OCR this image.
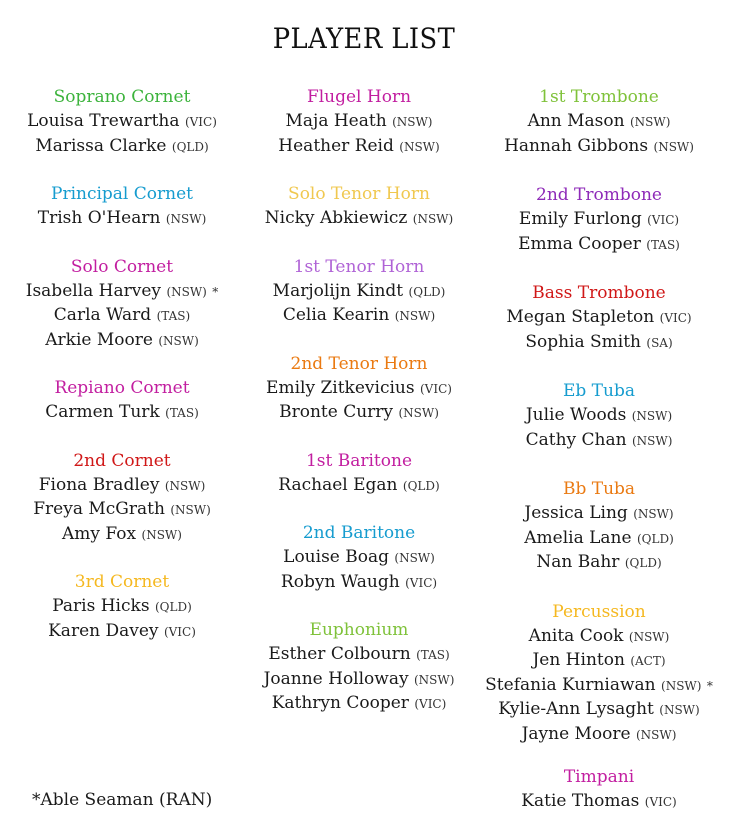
PLAYER LIST
Soprano Cornet
Louisa Trewartha (VIC)
Marissa Clarke (QLD)
Principal Cornet
Trish O'Hearn (NSW)
Solo Cornet
Isabella Harvey (NSW) *
Carla Ward (TAS)
Arkie Moore (NSW)
Repiano Cornet
Carmen Turk (TAS)
2nd Cornet
Fiona Bradley (NSW)
Freya McGrath (NSW)
Amy Fox (NSW)
3rd Cornet
Paris Hicks (QLD)
Karen Davey (VIC)
Flugel Horn
Maja Heath (NSW)
Heather Reid (NSW)
Solo Tenor Horn
Nicky Abkiewicz (NSW)
1st Tenor Horn
Marjolijn Kindt (QLD)
Celia Kearin (NSW)
2nd Tenor Horn
Emily Zitkevicius (VIC)
Bronte Curry (NSW)
1st Baritone
Rachael Egan (QLD)
2nd Baritone
Louise Boag (NSW)
Robyn Waugh (VIC)
Euphonium
Esther Colbourn (TAS)
Joanne Holloway (NSW)
Kathryn Cooper (VIC)
1st Trombone
Ann Mason (NSW)
Hannah Gibbons (NSW)
2nd Trombone
Emily Furlong (VIC)
Emma Cooper (TAS)
Bass Trombone
Megan Stapleton (VIC)
Sophia Smith (SA)
Eb Tuba
Julie Woods (NSW)
Cathy Chan (NSW)
Bb Tuba
Jessica Ling (NSW)
Amelia Lane (QLD)
Nan Bahr (QLD)
Percussion
Anita Cook (NSW)
Jen Hinton (ACT)
Stefania Kurniawan (NSW) *
Kylie-Ann Lysaght (NSW)
Jayne Moore (NSW)
Timpani
Katie Thomas (VIC)
*Able Seaman (RAN)
